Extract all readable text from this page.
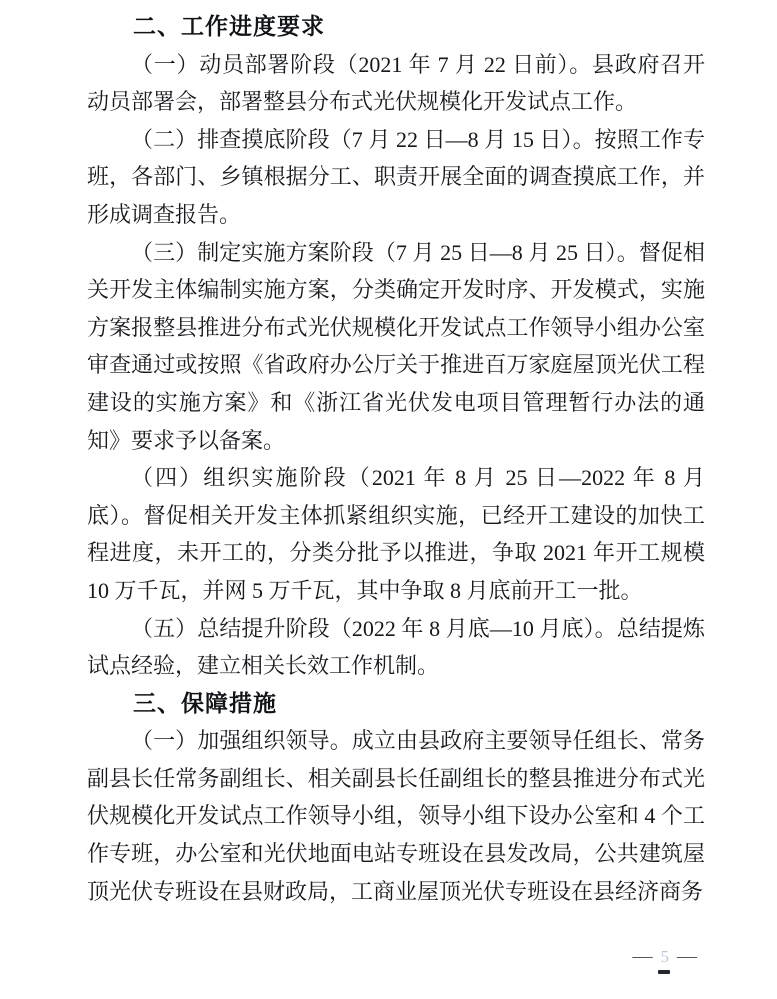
二、工作进度要求

（一）动员部署阶段（2021 年 7 月 22 日前）。县政府召开动员部署会，部署整县分布式光伏规模化开发试点工作。

（二）排查摸底阶段（7 月 22 日—8 月 15 日）。按照工作专班，各部门、乡镇根据分工、职责开展全面的调查摸底工作，并形成调查报告。

（三）制定实施方案阶段（7 月 25 日—8 月 25 日）。督促相关开发主体编制实施方案，分类确定开发时序、开发模式，实施方案报整县推进分布式光伏规模化开发试点工作领导小组办公室审查通过或按照《省政府办公厅关于推进百万家庭屋顶光伏工程建设的实施方案》和《浙江省光伏发电项目管理暂行办法的通知》要求予以备案。

（四）组织实施阶段（2021 年 8 月 25 日—2022 年 8 月底）。督促相关开发主体抓紧组织实施，已经开工建设的加快工程进度，未开工的，分类分批予以推进，争取 2021 年开工规模 10 万千瓦，并网 5 万千瓦，其中争取 8 月底前开工一批。

（五）总结提升阶段（2022 年 8 月底—10 月底）。总结提炼试点经验，建立相关长效工作机制。

三、保障措施

（一）加强组织领导。成立由县政府主要领导任组长、常务副县长任常务副组长、相关副县长任副组长的整县推进分布式光伏规模化开发试点工作领导小组，领导小组下设办公室和 4 个工作专班，办公室和光伏地面电站专班设在县发改局，公共建筑屋顶光伏专班设在县财政局，工商业屋顶光伏专班设在县经济商务

— 5 —
